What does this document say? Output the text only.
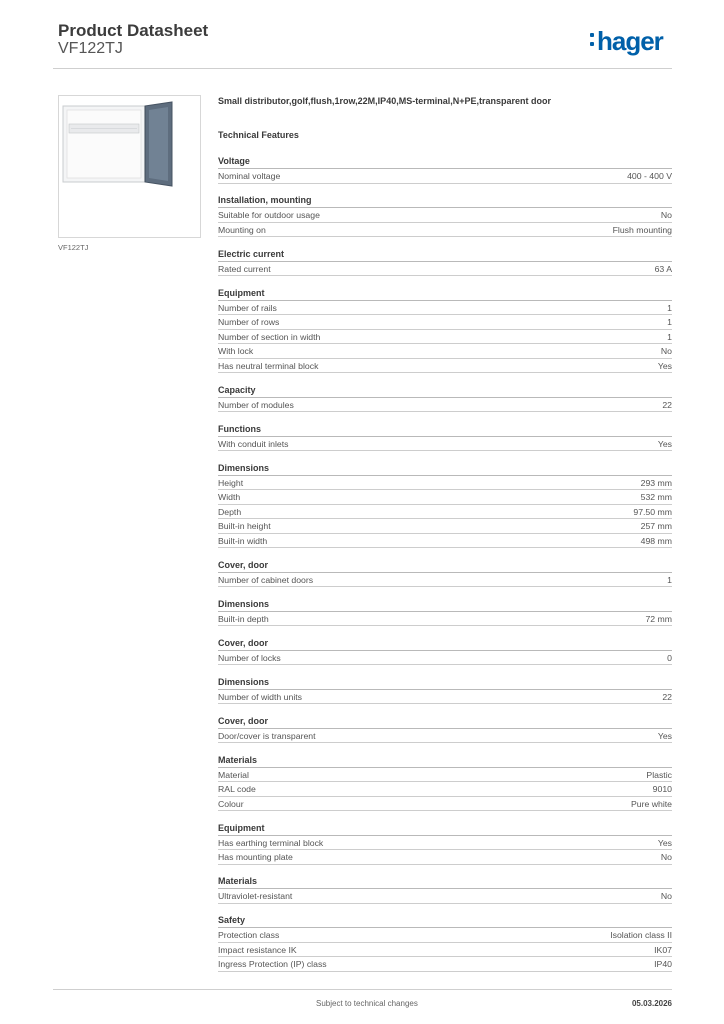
Product Datasheet
VF122TJ	hager
VF122TJ
Small distributor,golf,flush,1row,22M,IP40,MS-terminal,N+PE,transparent door
Technical Features
Voltage
Nominal voltage	400 - 400 V
Installation, mounting
Suitable for outdoor usage	No
Mounting on	Flush mounting
Electric current
Rated current	63 A
Equipment
Number of rails	1
Number of rows	1
Number of section in width	1
With lock	No
Has neutral terminal block	Yes
Capacity
Number of modules	22
Functions
With conduit inlets	Yes
Dimensions
Height	293 mm
Width	532 mm
Depth	97.50 mm
Built-in height	257 mm
Built-in width	498 mm
Cover, door
Number of cabinet doors	1
Dimensions
Built-in depth	72 mm
Cover, door
Number of locks	0
Dimensions
Number of width units	22
Cover, door
Door/cover is transparent	Yes
Materials
Material	Plastic
RAL code	9010
Colour	Pure white
Equipment
Has earthing terminal block	Yes
Has mounting plate	No
Materials
Ultraviolet-resistant	No
Safety
Protection class	Isolation class II
Impact resistance IK	IK07
Ingress Protection (IP) class	IP40
Subject to technical changes	05.03.2026
